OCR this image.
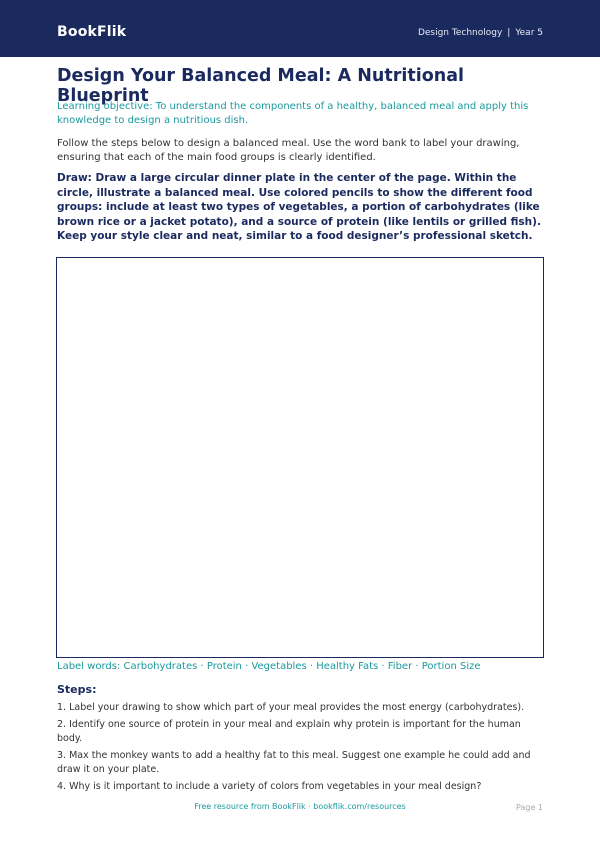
BookFlik	Design Technology | Year 5
Design Your Balanced Meal: A Nutritional Blueprint
Learning objective: To understand the components of a healthy, balanced meal and apply this knowledge to design a nutritious dish.
Follow the steps below to design a balanced meal. Use the word bank to label your drawing, ensuring that each of the main food groups is clearly identified.
Draw: Draw a large circular dinner plate in the center of the page. Within the circle, illustrate a balanced meal. Use colored pencils to show the different food groups: include at least two types of vegetables, a portion of carbohydrates (like brown rice or a jacket potato), and a source of protein (like lentils or grilled fish). Keep your style clear and neat, similar to a food designer’s professional sketch.
Label words: Carbohydrates · Protein · Vegetables · Healthy Fats · Fiber · Portion Size
Steps:
1. Label your drawing to show which part of your meal provides the most energy (carbohydrates).
2. Identify one source of protein in your meal and explain why protein is important for the human body.
3. Max the monkey wants to add a healthy fat to this meal. Suggest one example he could add and draw it on your plate.
4. Why is it important to include a variety of colors from vegetables in your meal design?
Free resource from BookFlik · bookflik.com/resources	Page 1
